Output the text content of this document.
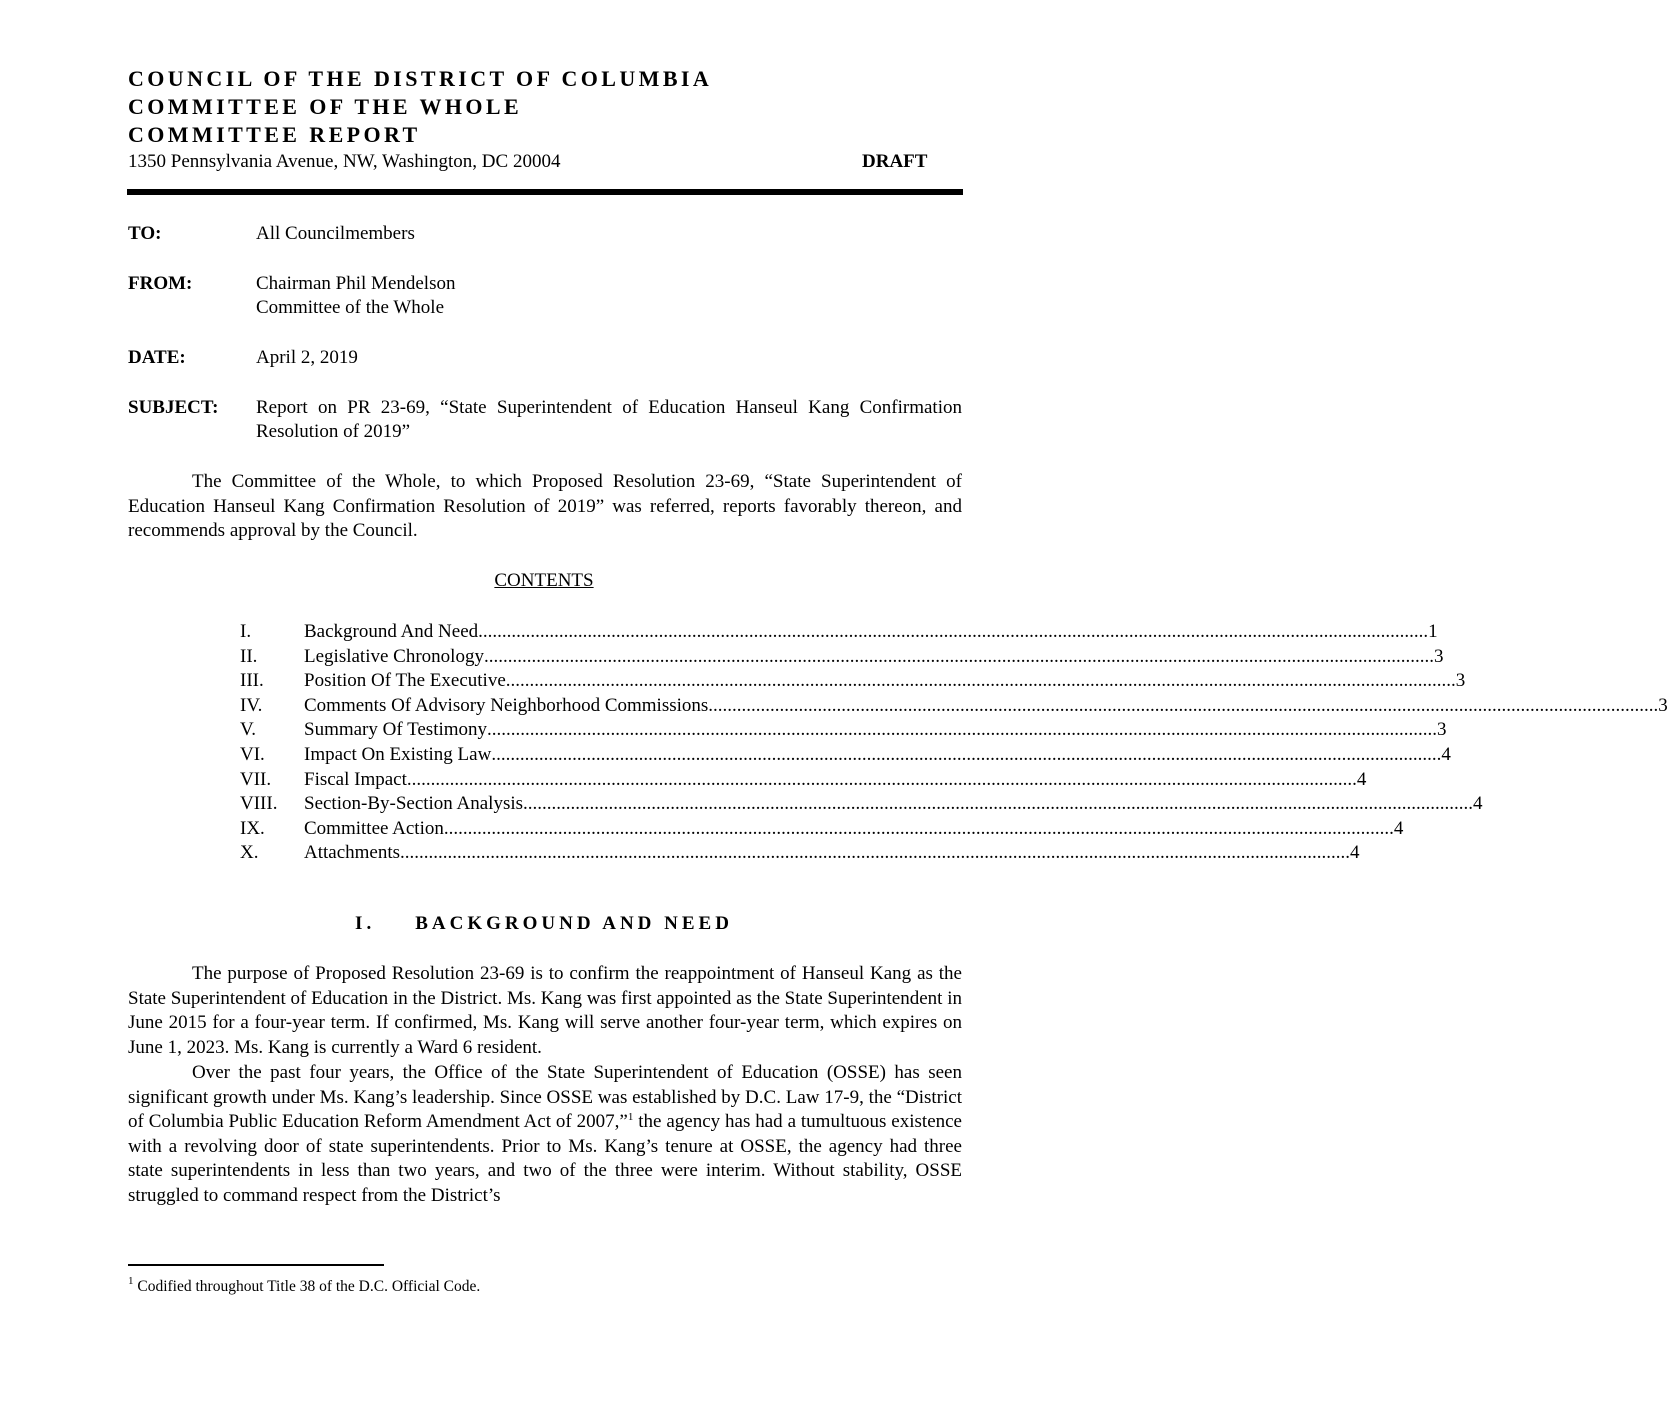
COUNCIL OF THE DISTRICT OF COLUMBIA
COMMITTEE OF THE WHOLE
COMMITTEE REPORT
1350 Pennsylvania Avenue, NW, Washington, DC 20004	DRAFT
TO:	All Councilmembers
FROM:	Chairman Phil Mendelson
Committee of the Whole
DATE:	April 2, 2019
SUBJECT: Report on PR 23-69, “State Superintendent of Education Hanseul Kang Confirmation Resolution of 2019”
The Committee of the Whole, to which Proposed Resolution 23-69, “State Superintendent of Education Hanseul Kang Confirmation Resolution of 2019” was referred, reports favorably thereon, and recommends approval by the Council.
CONTENTS
I.	Background And Need ........................................................................................................................................................................................................ 1
II.	Legislative Chronology ........................................................................................................................................................................................................ 3
III.	Position Of The Executive ........................................................................................................................................................................................................ 3
IV.	Comments Of Advisory Neighborhood Commissions ........................................................................................................................................................................................................ 3
V.	Summary Of Testimony ........................................................................................................................................................................................................ 3
VI.	Impact On Existing Law ........................................................................................................................................................................................................ 4
VII.	Fiscal Impact ........................................................................................................................................................................................................ 4
VIII.	Section-By-Section Analysis ........................................................................................................................................................................................................ 4
IX.	Committee Action ........................................................................................................................................................................................................ 4
X.	Attachments ........................................................................................................................................................................................................ 4
I. BACKGROUND AND NEED
The purpose of Proposed Resolution 23-69 is to confirm the reappointment of Hanseul Kang as the State Superintendent of Education in the District. Ms. Kang was first appointed as the State Superintendent in June 2015 for a four-year term. If confirmed, Ms. Kang will serve another four-year term, which expires on June 1, 2023. Ms. Kang is currently a Ward 6 resident.
Over the past four years, the Office of the State Superintendent of Education (OSSE) has seen significant growth under Ms. Kang’s leadership. Since OSSE was established by D.C. Law 17-9, the “District of Columbia Public Education Reform Amendment Act of 2007,”$^1$ the agency has had a tumultuous existence with a revolving door of state superintendents. Prior to Ms. Kang’s tenure at OSSE, the agency had three state superintendents in less than two years, and two of the three were interim. Without stability, OSSE struggled to command respect from the District’s
$^1$ Codified throughout Title 38 of the D.C. Official Code.
